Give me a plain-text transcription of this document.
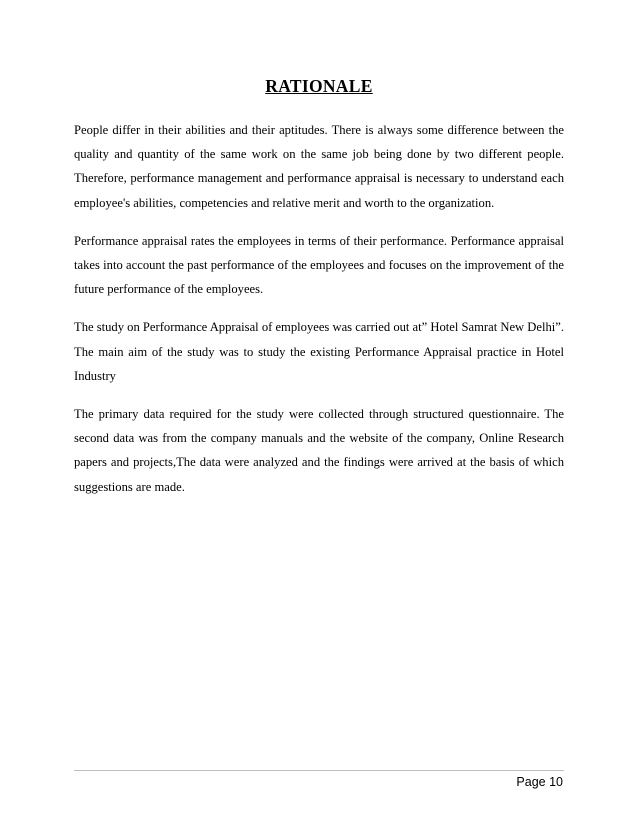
RATIONALE

People differ in their abilities and their aptitudes. There is always some difference between the quality and quantity of the same work on the same job being done by two different people. Therefore, performance management and performance appraisal is necessary to understand each employee's abilities, competencies and relative merit and worth to the organization.

Performance appraisal rates the employees in terms of their performance. Performance appraisal takes into account the past performance of the employees and focuses on the improvement of the future performance of the employees.

The study on Performance Appraisal of employees was carried out at” Hotel Samrat New Delhi”. The main aim of the study was to study the existing Performance Appraisal practice in Hotel Industry

The primary data required for the study were collected through structured questionnaire. The second data was from the company manuals and the website of the company, Online Research papers and projects,The data were analyzed and the findings were arrived at the basis of which suggestions are made.

Page 10
